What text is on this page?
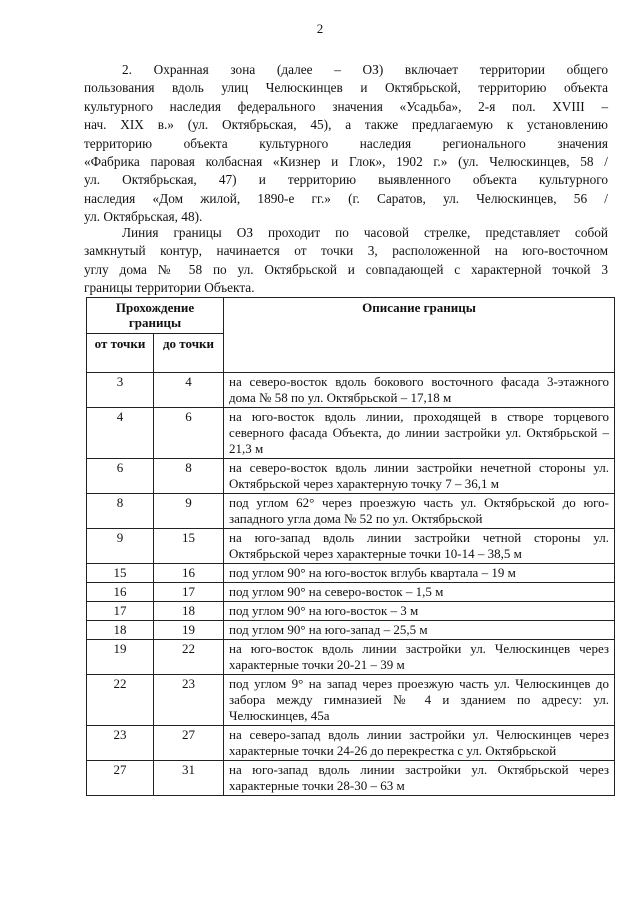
2
2. Охранная зона (далее – ОЗ) включает территории общего
пользования вдоль улиц Челюскинцев и Октябрьской, территорию объекта
культурного наследия федерального значения «Усадьба», 2-я пол. XVIII –
нач. XIX в.» (ул. Октябрьская, 45), а также предлагаемую к установлению
территорию объекта культурного наследия регионального значения
«Фабрика паровая колбасная «Кизнер и Глок», 1902 г.» (ул. Челюскинцев, 58 /
ул. Октябрьская, 47) и территорию выявленного объекта культурного
наследия «Дом жилой, 1890-е гг.» (г. Саратов, ул. Челюскинцев, 56 /
ул. Октябрьская, 48).
Линия границы ОЗ проходит по часовой стрелке, представляет собой
замкнутый контур, начинается от точки 3, расположенной на юго-восточном
углу дома № 58 по ул. Октябрьской и совпадающей с характерной точкой 3
границы территории Объекта.
Прохождение границы		Описание границы
от точки	до точки	
3	4	на северо-восток вдоль бокового восточного фасада 3-этажного дома № 58 по ул. Октябрьской – 17,18 м
4	6	на юго-восток вдоль линии, проходящей в створе торцевого северного фасада Объекта, до линии застройки ул. Октябрьской – 21,3 м
6	8	на северо-восток вдоль линии застройки нечетной стороны ул. Октябрьской через характерную точку 7 – 36,1 м
8	9	под углом 62° через проезжую часть ул. Октябрьской до юго-западного угла дома № 52 по ул. Октябрьской
9	15	на юго-запад вдоль линии застройки четной стороны ул. Октябрьской через характерные точки 10-14 – 38,5 м
15	16	под углом 90° на юго-восток вглубь квартала – 19 м
16	17	под углом 90° на северо-восток – 1,5 м
17	18	под углом 90° на юго-восток – 3 м
18	19	под углом 90° на юго-запад – 25,5 м
19	22	на юго-восток вдоль линии застройки ул. Челюскинцев через характерные точки 20-21 – 39 м
22	23	под углом 9° на запад через проезжую часть ул. Челюскинцев до забора между гимназией № 4 и зданием по адресу: ул. Челюскинцев, 45а
23	27	на северо-запад вдоль линии застройки ул. Челюскинцев через характерные точки 24-26 до перекрестка с ул. Октябрьской
27	31	на юго-запад вдоль линии застройки ул. Октябрьской через характерные точки 28-30 – 63 м
